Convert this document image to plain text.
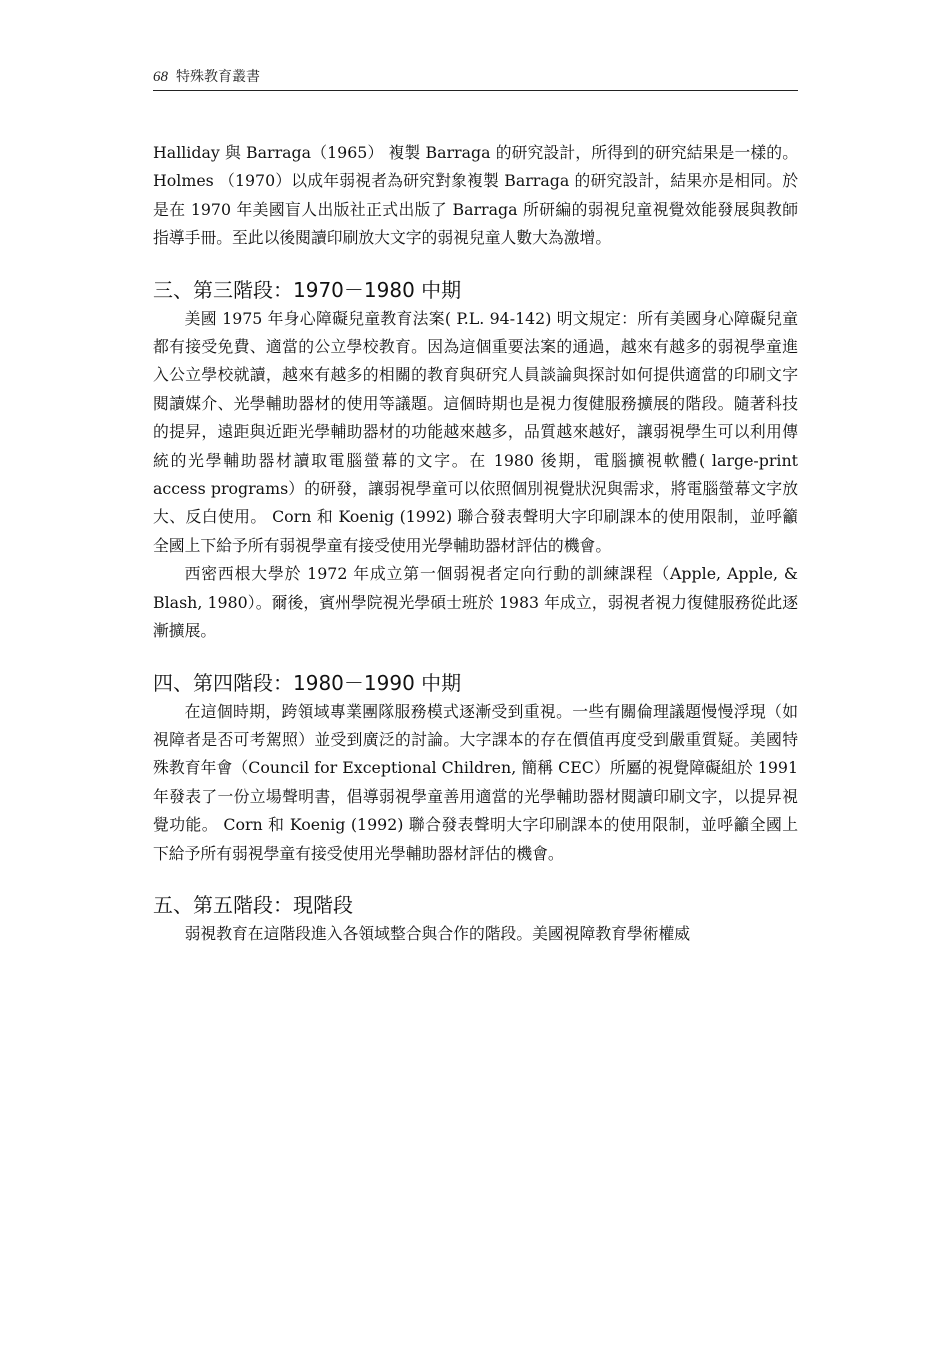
68 特殊教育叢書

Halliday 與 Barraga（1965） 複製 Barraga 的研究設計，所得到的研究結果是一樣的。 Holmes （1970）以成年弱視者為研究對象複製 Barraga 的研究設計，結果亦是相同。於是在 1970 年美國盲人出版社正式出版了 Barraga 所研編的弱視兒童視覺效能發展與教師指導手冊。至此以後閱讀印刷放大文字的弱視兒童人數大為激增。

三、第三階段：1970－1980 中期

美國 1975 年身心障礙兒童教育法案( P.L. 94-142) 明文規定：所有美國身心障礙兒童都有接受免費、適當的公立學校教育。因為這個重要法案的通過，越來有越多的弱視學童進入公立學校就讀，越來有越多的相關的教育與研究人員談論與探討如何提供適當的印刷文字閱讀媒介、光學輔助器材的使用等議題。這個時期也是視力復健服務擴展的階段。隨著科技的提昇，遠距與近距光學輔助器材的功能越來越多，品質越來越好，讓弱視學生可以利用傳統的光學輔助器材讀取電腦螢幕的文字。在 1980 後期，電腦擴視軟體( large-print access programs）的研發，讓弱視學童可以依照個別視覺狀況與需求，將電腦螢幕文字放大、反白使用。 Corn 和 Koenig (1992) 聯合發表聲明大字印刷課本的使用限制，並呼籲全國上下給予所有弱視學童有接受使用光學輔助器材評估的機會。

西密西根大學於 1972 年成立第一個弱視者定向行動的訓練課程（Apple, Apple, & Blash, 1980）。爾後，賓州學院視光學碩士班於 1983 年成立，弱視者視力復健服務從此逐漸擴展。

四、第四階段：1980－1990 中期

在這個時期，跨領域專業團隊服務模式逐漸受到重視。一些有關倫理議題慢慢浮現（如視障者是否可考駕照）並受到廣泛的討論。大字課本的存在價值再度受到嚴重質疑。美國特殊教育年會（Council for Exceptional Children, 簡稱 CEC）所屬的視覺障礙組於 1991 年發表了一份立場聲明書，倡導弱視學童善用適當的光學輔助器材閱讀印刷文字，以提昇視覺功能。 Corn 和 Koenig (1992) 聯合發表聲明大字印刷課本的使用限制，並呼籲全國上下給予所有弱視學童有接受使用光學輔助器材評估的機會。

五、第五階段：現階段

弱視教育在這階段進入各領域整合與合作的階段。美國視障教育學術權威
